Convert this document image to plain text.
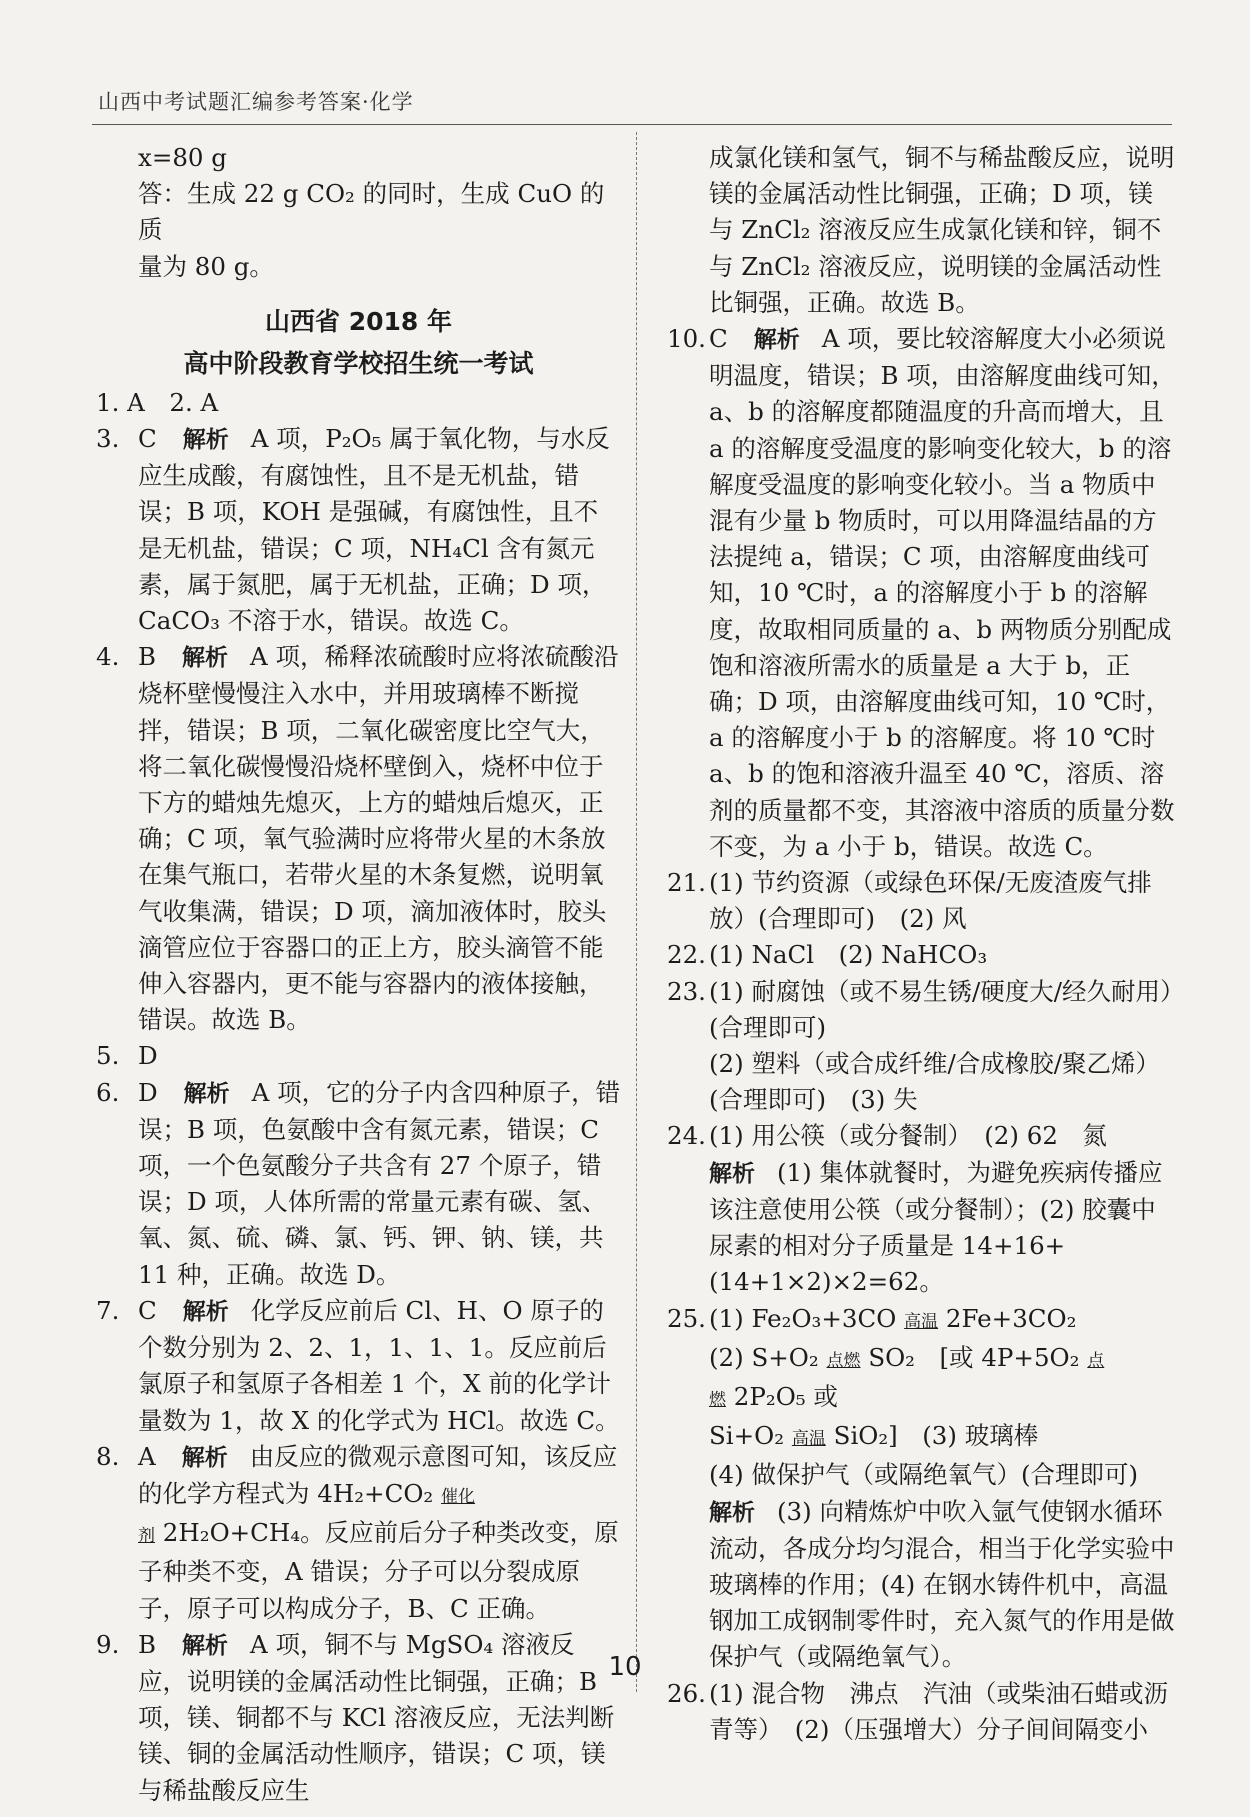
山西中考试题汇编参考答案·化学

x=80 g

答：生成 22 g CO₂ 的同时，生成 CuO 的质

量为 80 g。

山西省 2018 年

高中阶段教育学校招生统一考试

1. A　2. A

3. C 解析 A 项，P₂O₅ 属于氧化物，与水反应生成酸，有腐蚀性，且不是无机盐，错误；B 项，KOH 是强碱，有腐蚀性，且不是无机盐，错误；C 项，NH₄Cl 含有氮元素，属于氮肥，属于无机盐，正确；D 项，CaCO₃ 不溶于水，错误。故选 C。

4. B 解析 A 项，稀释浓硫酸时应将浓硫酸沿烧杯壁慢慢注入水中，并用玻璃棒不断搅拌，错误；B 项，二氧化碳密度比空气大，将二氧化碳慢慢沿烧杯壁倒入，烧杯中位于下方的蜡烛先熄灭，上方的蜡烛后熄灭，正确；C 项，氧气验满时应将带火星的木条放在集气瓶口，若带火星的木条复燃，说明氧气收集满，错误；D 项，滴加液体时，胶头滴管应位于容器口的正上方，胶头滴管不能伸入容器内，更不能与容器内的液体接触，错误。故选 B。

5. D

6. D 解析 A 项，它的分子内含四种原子，错误；B 项，色氨酸中含有氮元素，错误；C 项，一个色氨酸分子共含有 27 个原子，错误；D 项，人体所需的常量元素有碳、氢、氧、氮、硫、磷、氯、钙、钾、钠、镁，共 11 种，正确。故选 D。

7. C 解析 化学反应前后 Cl、H、O 原子的个数分别为 2、2、1，1、1、1。反应前后氯原子和氢原子各相差 1 个，X 前的化学计量数为 1，故 X 的化学式为 HCl。故选 C。

8. A 解析 由反应的微观示意图可知，该反应的化学方程式为 4H₂+CO₂ 催化剂 2H₂O+CH₄。反应前后分子种类改变，原子种类不变，A 错误；分子可以分裂成原子，原子可以构成分子，B、C 正确。

9. B 解析 A 项，铜不与 MgSO₄ 溶液反应，说明镁的金属活动性比铜强，正确；B 项，镁、铜都不与 KCl 溶液反应，无法判断镁、铜的金属活动性顺序，错误；C 项，镁与稀盐酸反应生

成氯化镁和氢气，铜不与稀盐酸反应，说明镁的金属活动性比铜强，正确；D 项，镁与 ZnCl₂ 溶液反应生成氯化镁和锌，铜不与 ZnCl₂ 溶液反应，说明镁的金属活动性比铜强，正确。故选 B。

10. C 解析 A 项，要比较溶解度大小必须说明温度，错误；B 项，由溶解度曲线可知，a、b 的溶解度都随温度的升高而增大，且 a 的溶解度受温度的影响变化较大，b 的溶解度受温度的影响变化较小。当 a 物质中混有少量 b 物质时，可以用降温结晶的方法提纯 a，错误；C 项，由溶解度曲线可知，10 ℃时，a 的溶解度小于 b 的溶解度，故取相同质量的 a、b 两物质分别配成饱和溶液所需水的质量是 a 大于 b，正确；D 项，由溶解度曲线可知，10 ℃时，a 的溶解度小于 b 的溶解度。将 10 ℃时 a、b 的饱和溶液升温至 40 ℃，溶质、溶剂的质量都不变，其溶液中溶质的质量分数不变，为 a 小于 b，错误。故选 C。

21. (1) 节约资源（或绿色环保/无废渣废气排放）(合理即可)　(2) 风

22. (1) NaCl　(2) NaHCO₃

23. (1) 耐腐蚀（或不易生锈/硬度大/经久耐用）(合理即可)

(2) 塑料（或合成纤维/合成橡胶/聚乙烯）(合理即可)　(3) 失

24. (1) 用公筷（或分餐制）　(2) 62　氮

解析 (1) 集体就餐时，为避免疾病传播应该注意使用公筷（或分餐制）；(2) 胶囊中尿素的相对分子质量是 14+16+(14+1×2)×2=62。

25. (1) Fe₂O₃+3CO 高温 2Fe+3CO₂

(2) S+O₂ 点燃 SO₂　[或 4P+5O₂ 点燃 2P₂O₅ 或

Si+O₂ 高温 SiO₂]　(3) 玻璃棒

(4) 做保护气（或隔绝氧气）(合理即可)

解析 (3) 向精炼炉中吹入氩气使钢水循环流动，各成分均匀混合，相当于化学实验中玻璃棒的作用；(4) 在钢水铸件机中，高温钢加工成钢制零件时，充入氮气的作用是做保护气（或隔绝氧气）。

26. (1) 混合物　沸点　汽油（或柴油石蜡或沥青等）　(2)（压强增大）分子间间隔变小

10
